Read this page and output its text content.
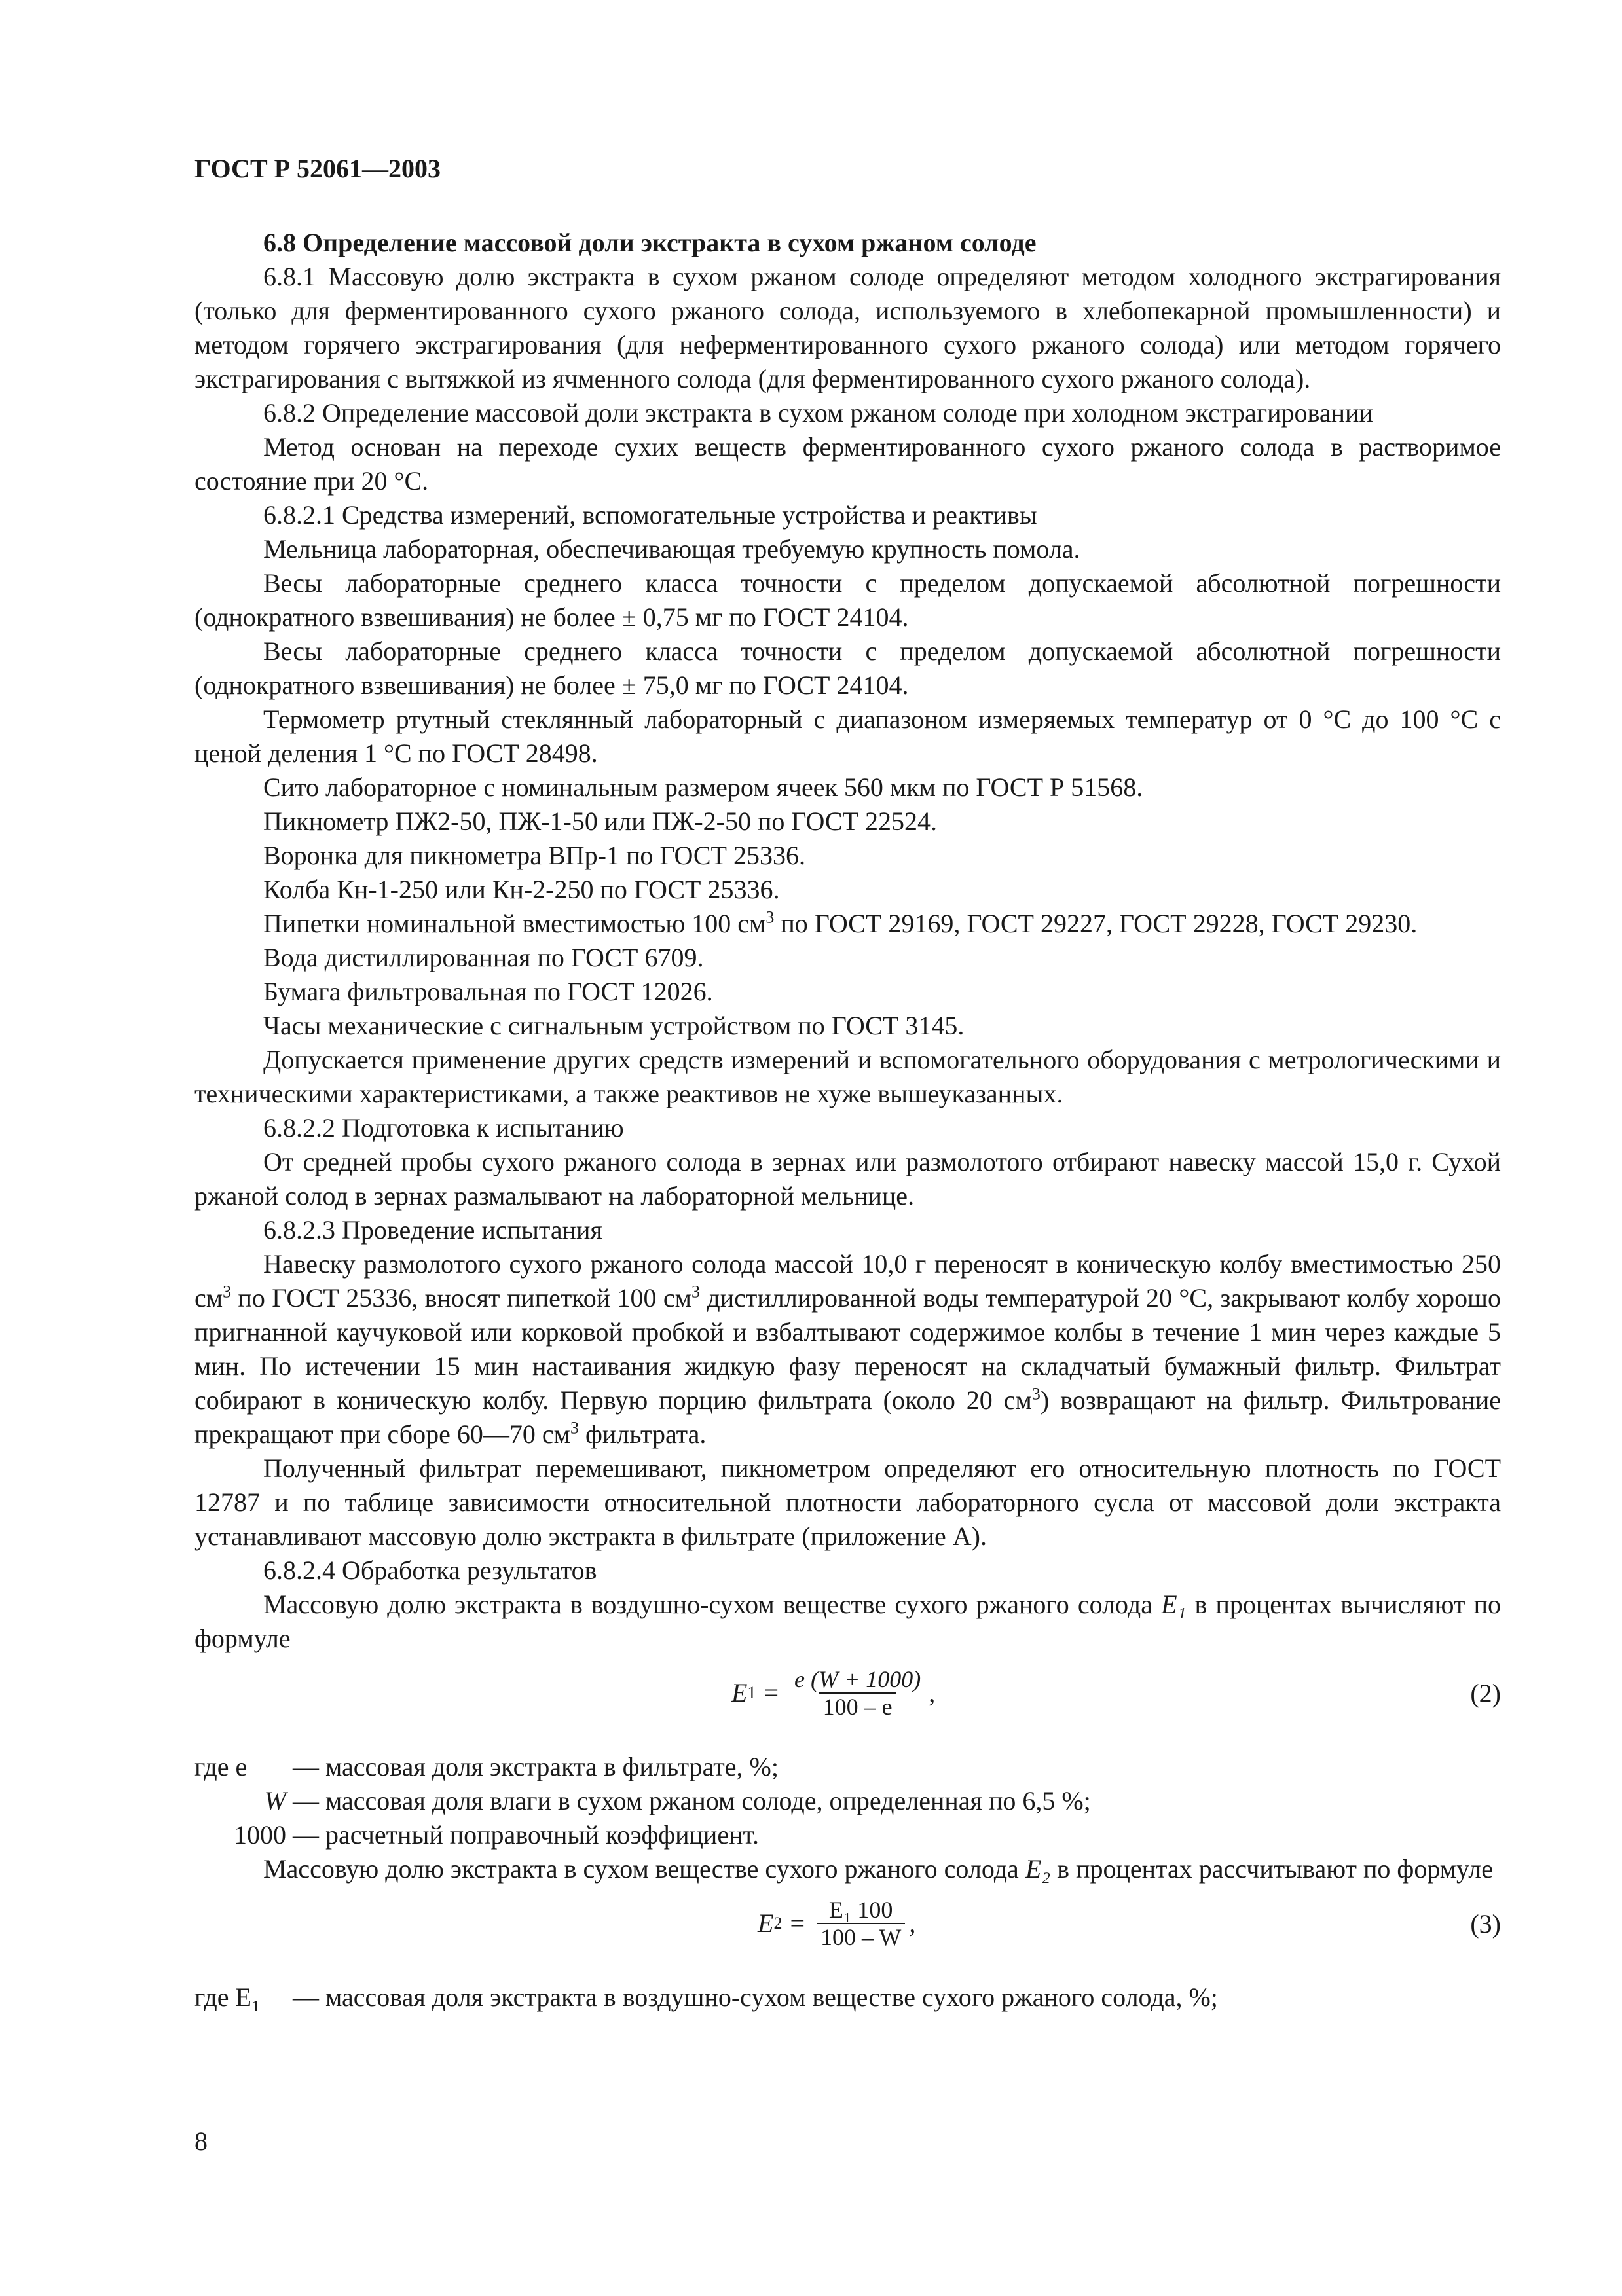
ГОСТ Р 52061—2003

6.8 Определение массовой доли экстракта в сухом ржаном солоде

6.8.1 Массовую долю экстракта в сухом ржаном солоде определяют методом холодного экстрагирования (только для ферментированного сухого ржаного солода, используемого в хлебопекарной промышленности) и методом горячего экстрагирования (для неферментированного сухого ржаного солода) или методом горячего экстрагирования с вытяжкой из ячменного солода (для ферментированного сухого ржаного солода).

6.8.2 Определение массовой доли экстракта в сухом ржаном солоде при холодном экстрагировании

Метод основан на переходе сухих веществ ферментированного сухого ржаного солода в растворимое состояние при 20 °С.

6.8.2.1 Средства измерений, вспомогательные устройства и реактивы

Мельница лабораторная, обеспечивающая требуемую крупность помола.

Весы лабораторные среднего класса точности с пределом допускаемой абсолютной погрешности (однократного взвешивания) не более ± 0,75 мг по ГОСТ 24104.

Весы лабораторные среднего класса точности с пределом допускаемой абсолютной погрешности (однократного взвешивания) не более ± 75,0 мг по ГОСТ 24104.

Термометр ртутный стеклянный лабораторный с диапазоном измеряемых температур от 0 °С до 100 °С с ценой деления 1 °С по ГОСТ 28498.

Сито лабораторное с номинальным размером ячеек 560 мкм по ГОСТ Р 51568.

Пикнометр ПЖ2-50, ПЖ-1-50 или ПЖ-2-50 по ГОСТ 22524.

Воронка для пикнометра ВПр-1 по ГОСТ 25336.

Колба Кн-1-250 или Кн-2-250 по ГОСТ 25336.

Пипетки номинальной вместимостью 100 $см^3$ по ГОСТ 29169, ГОСТ 29227, ГОСТ 29228, ГОСТ 29230.

Вода дистиллированная по ГОСТ 6709.

Бумага фильтровальная по ГОСТ 12026.

Часы механические с сигнальным устройством по ГОСТ 3145.

Допускается применение других средств измерений и вспомогательного оборудования с метрологическими и техническими характеристиками, а также реактивов не хуже вышеуказанных.

6.8.2.2 Подготовка к испытанию

От средней пробы сухого ржаного солода в зернах или размолотого отбирают навеску массой 15,0 г. Сухой ржаной солод в зернах размалывают на лабораторной мельнице.

6.8.2.3 Проведение испытания

Навеску размолотого сухого ржаного солода массой 10,0 г переносят в коническую колбу вместимостью 250 $см^3$ по ГОСТ 25336, вносят пипеткой 100 $см^3$ дистиллированной воды температурой 20 °С, закрывают колбу хорошо пригнанной каучуковой или корковой пробкой и взбалтывают содержимое колбы в течение 1 мин через каждые 5 мин. По истечении 15 мин настаивания жидкую фазу переносят на складчатый бумажный фильтр. Фильтрат собирают в коническую колбу. Первую порцию фильтрата (около 20 $см^3$) возвращают на фильтр. Фильтрование прекращают при сборе 60—70 $см^3$ фильтрата.

Полученный фильтрат перемешивают, пикнометром определяют его относительную плотность по ГОСТ 12787 и по таблице зависимости относительной плотности лабораторного сусла от массовой доли экстракта устанавливают массовую долю экстракта в фильтрате (приложение А).

6.8.2.4 Обработка результатов

Массовую долю экстракта в воздушно-сухом веществе сухого ржаного солода E₁ в процентах вычисляют по формуле

E $1 = \frac{e (W + 1000)}{100 - e}$ ,	(2)
где e	— массовая доля экстракта в фильтрате, %;
W — массовая доля влаги в сухом ржаном солоде, определенная по 6,5 %;
1000 — расчетный поправочный коэффициент.

Массовую долю экстракта в сухом веществе сухого ржаного солода E₂ в процентах рассчитывают по формуле

E $2 = \frac{\text{E₁ 100}}{100 - W}$ ,	(3)
где E₁	— массовая доля экстракта в воздушно-сухом веществе сухого ржаного солода, %;
8
